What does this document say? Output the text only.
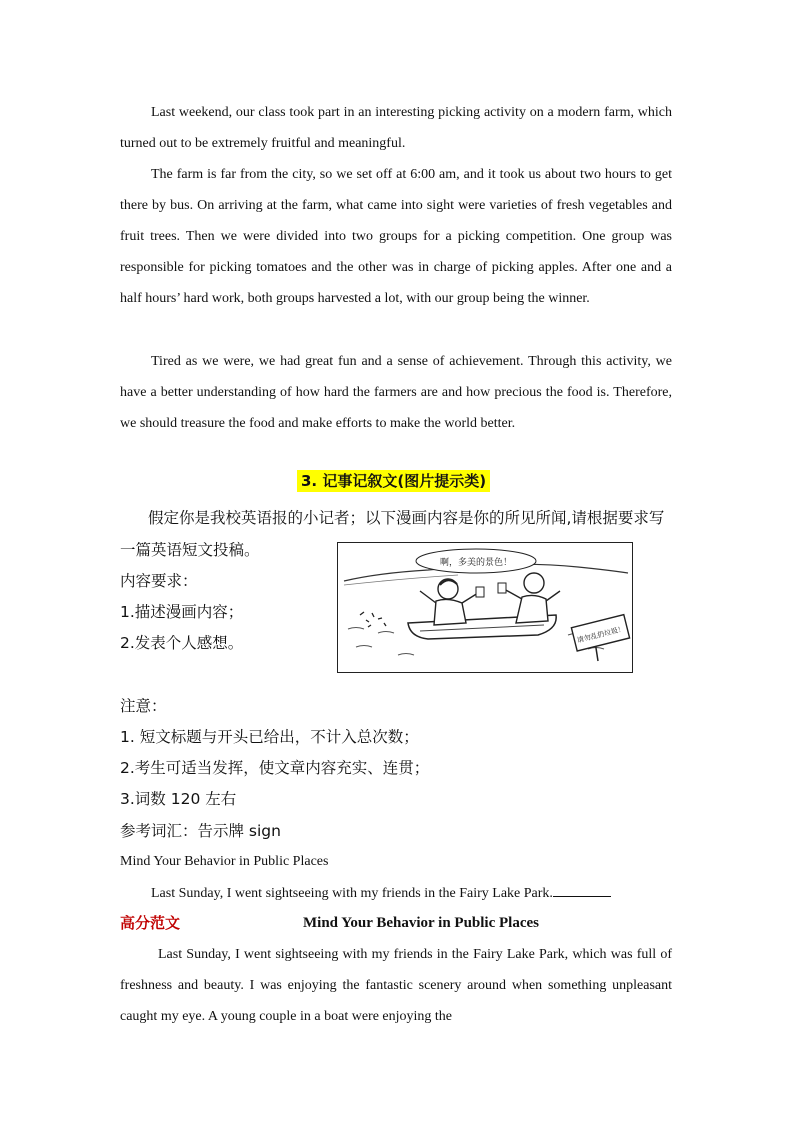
Last weekend, our class took part in an interesting picking activity on a modern farm, which turned out to be extremely fruitful and meaningful.

The farm is far from the city, so we set off at 6:00 am, and it took us about two hours to get there by bus. On arriving at the farm, what came into sight were varieties of fresh vegetables and fruit trees. Then we were divided into two groups for a picking competition. One group was responsible for picking tomatoes and the other was in charge of picking apples. After one and a half hours’ hard work, both groups harvested a lot, with our group being the winner.

Tired as we were, we had great fun and a sense of achievement. Through this activity, we have a better understanding of how hard the farmers are and how precious the food is. Therefore, we should treasure the food and make efforts to make the world better.

3. 记事记叙文(图片提示类)

假定你是我校英语报的小记者；以下漫画内容是你的所见所闻,请根据要求写

一篇英语短文投稿。

内容要求：

1.描述漫画内容；

2.发表个人感想。

啊，多美的景色！
请勿乱扔垃圾！

注意：

1. 短文标题与开头已给出，不计入总次数；

2.考生可适当发挥，使文章内容充实、连贯；

3.词数 120 左右

参考词汇：告示牌 sign

Mind Your Behavior in Public Places

Last Sunday, I went sightseeing with my friends in the Fairy Lake Park.

高分范文	Mind Your Behavior in Public Places

Last Sunday, I went sightseeing with my friends in the Fairy Lake Park, which was full of freshness and beauty. I was enjoying the fantastic scenery around when something unpleasant caught my eye. A young couple in a boat were enjoying the
